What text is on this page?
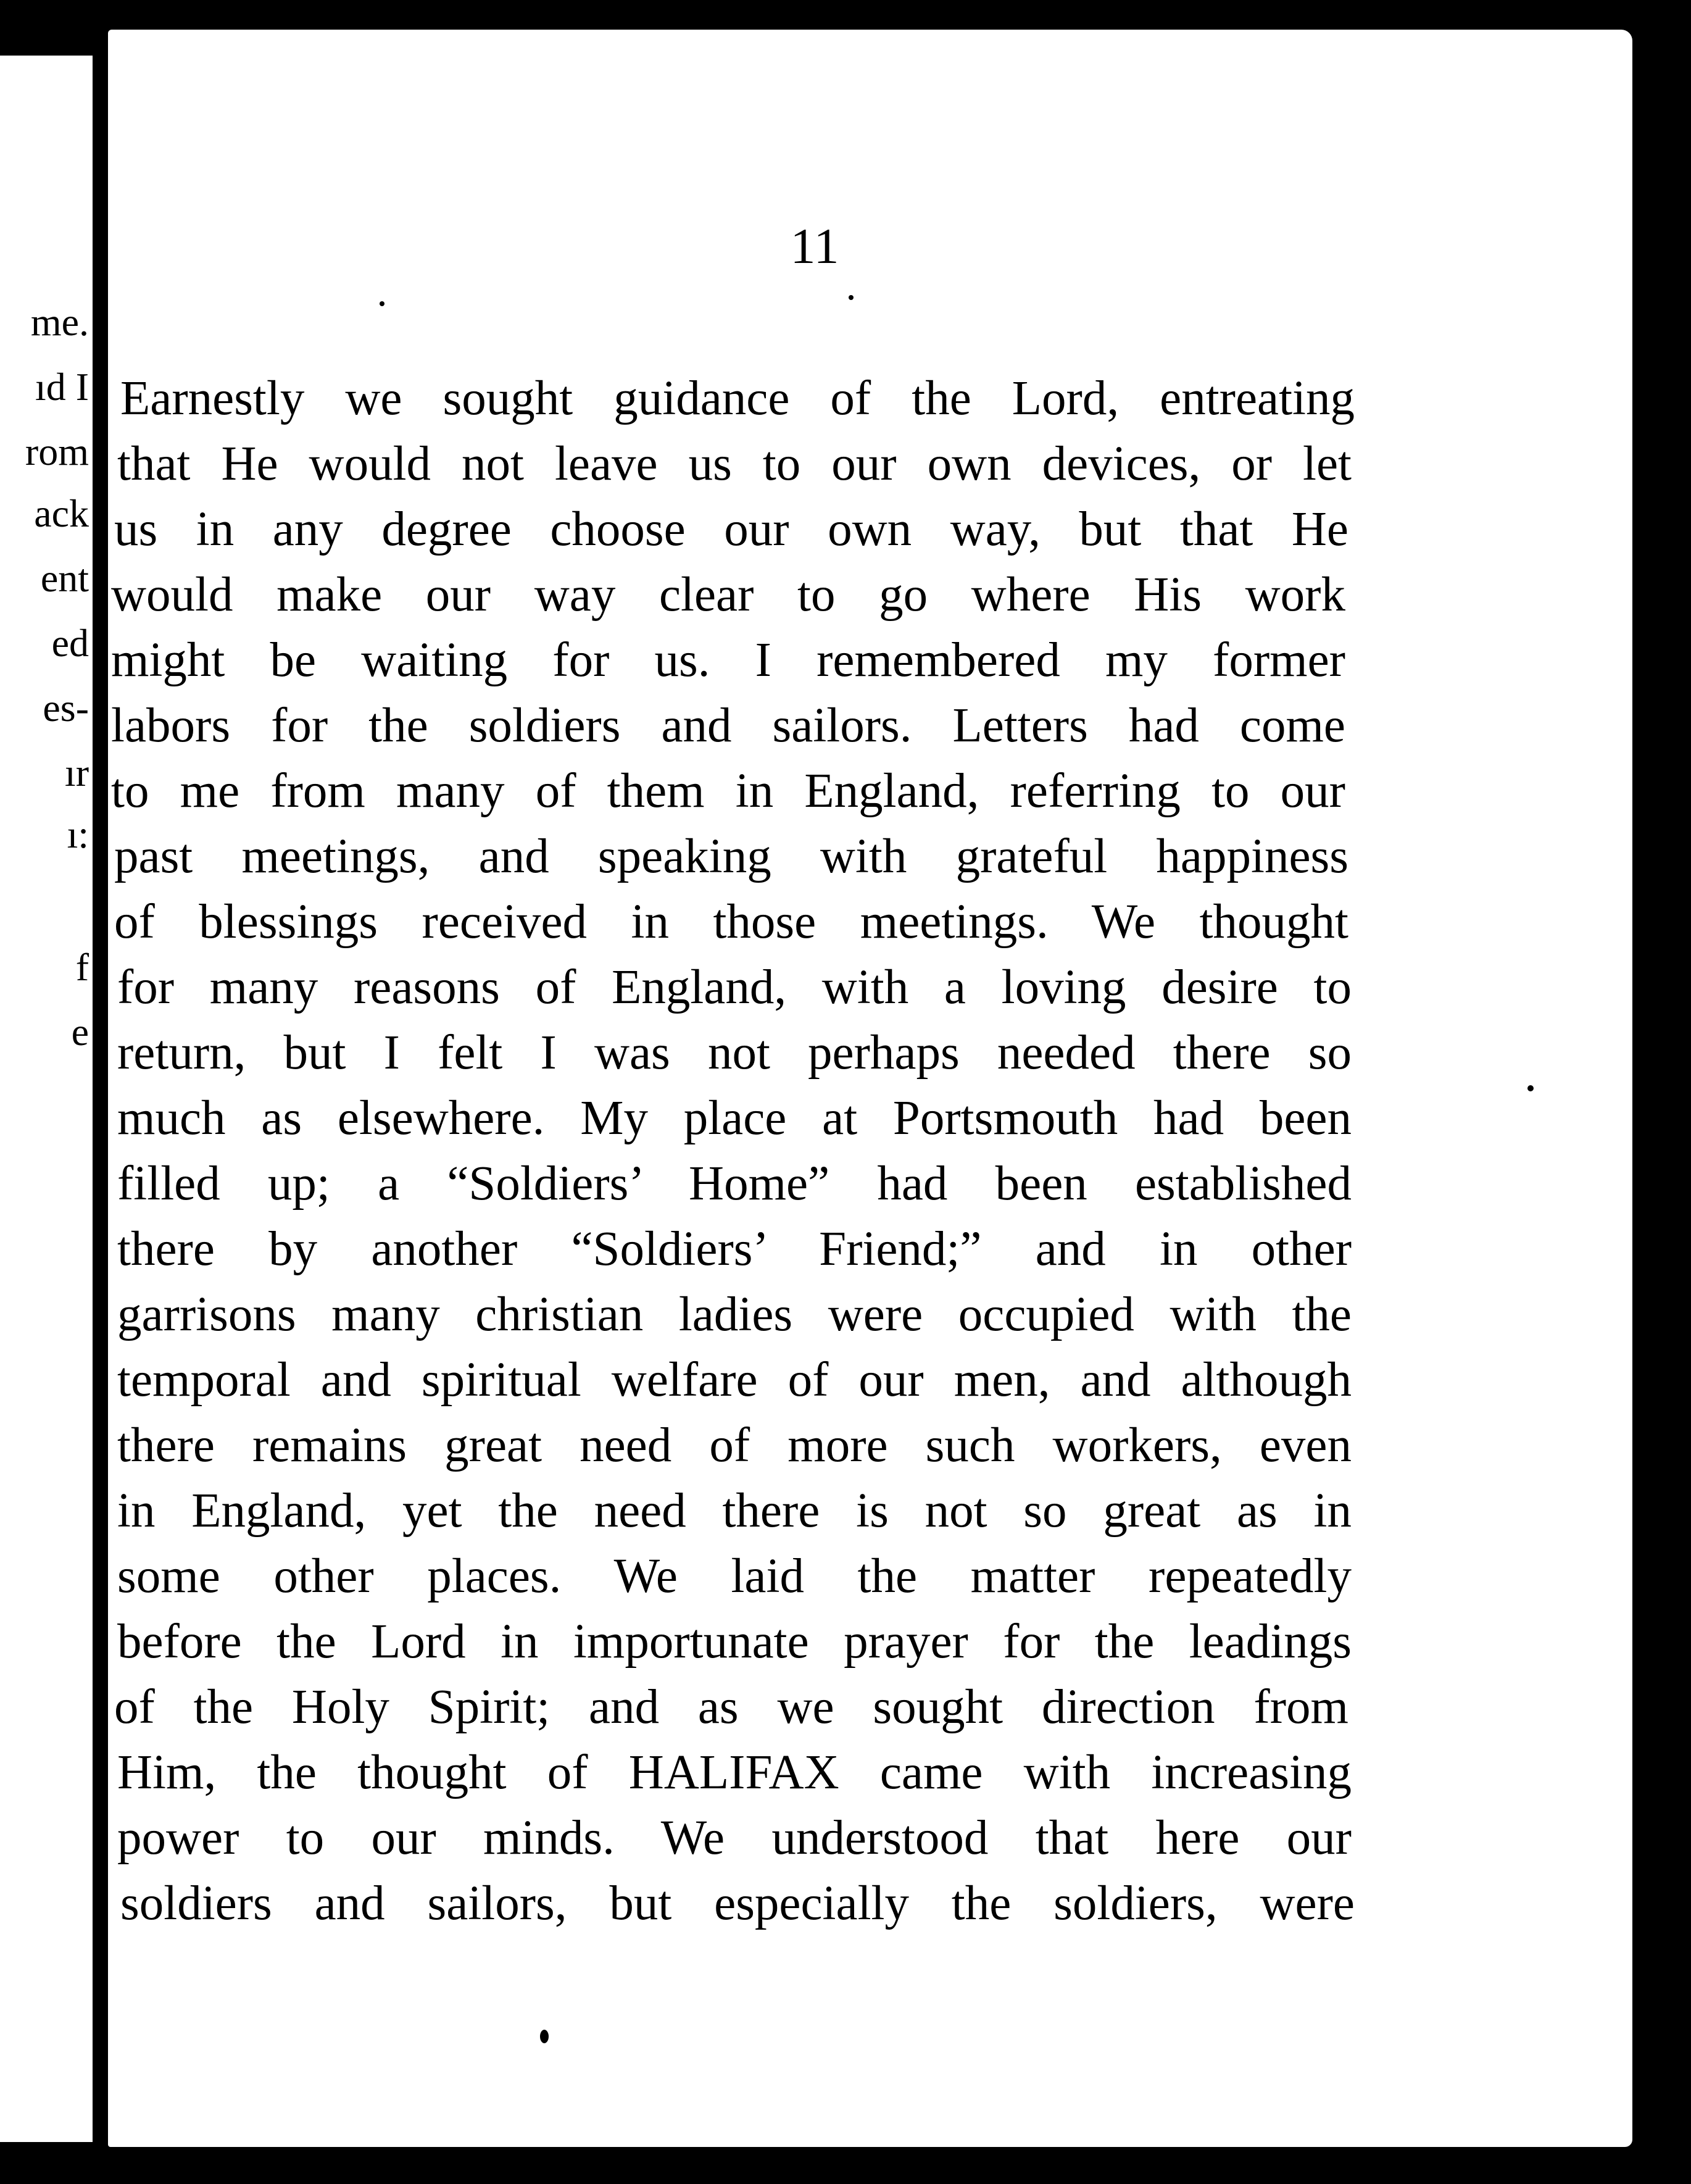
me.
ıd I
rom
ack
ent
ed
es-
ır
ı:
f
e
11
Earnestly we sought guidance of the Lord, entreating
that He would not leave us to our own devices, or let
us in any degree choose our own way, but that He
would make our way clear to go where His work
might be waiting for us. I remembered my former
labors for the soldiers and sailors. Letters had come
to me from many of them in England, referring to our
past meetings, and speaking with grateful happiness
of blessings received in those meetings. We thought
for many reasons of England, with a loving desire to
return, but I felt I was not perhaps needed there so
much as elsewhere. My place at Portsmouth had been
filled up; a “Soldiers’ Home” had been established
there by another “Soldiers’ Friend;” and in other
garrisons many christian ladies were occupied with the
temporal and spiritual welfare of our men, and although
there remains great need of more such workers, even
in England, yet the need there is not so great as in
some other places. We laid the matter repeatedly
before the Lord in importunate prayer for the leadings
of the Holy Spirit; and as we sought direction from
Him, the thought of HALIFAX came with increasing
power to our minds. We understood that here our
soldiers and sailors, but especially the soldiers, were
